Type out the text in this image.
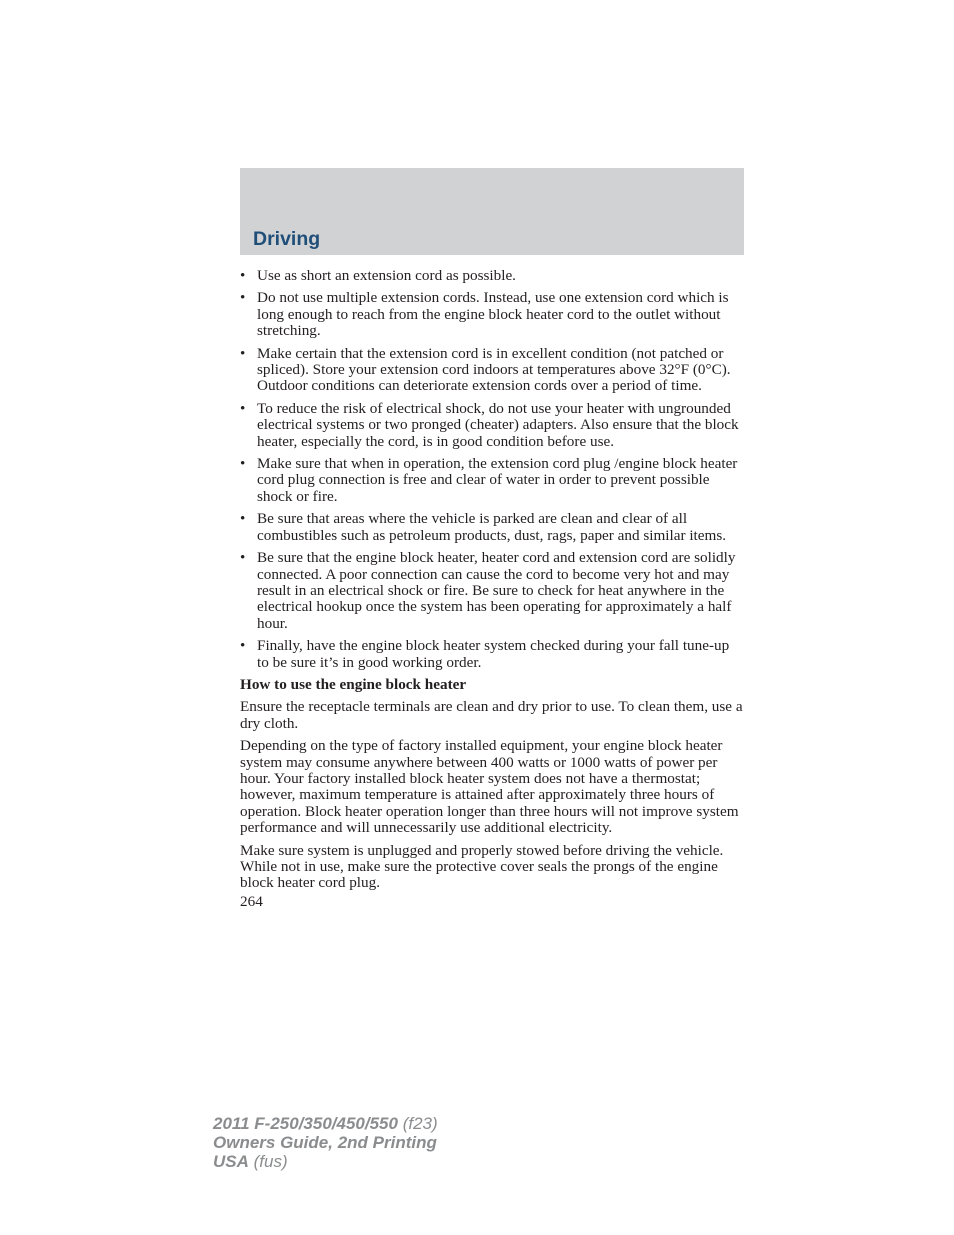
Driving
• Use as short an extension cord as possible.
• Do not use multiple extension cords. Instead, use one extension cord which is long enough to reach from the engine block heater cord to the outlet without stretching.
• Make certain that the extension cord is in excellent condition (not patched or spliced). Store your extension cord indoors at temperatures above 32°F (0°C). Outdoor conditions can deteriorate extension cords over a period of time.
• To reduce the risk of electrical shock, do not use your heater with ungrounded electrical systems or two pronged (cheater) adapters. Also ensure that the block heater, especially the cord, is in good condition before use.
• Make sure that when in operation, the extension cord plug /engine block heater cord plug connection is free and clear of water in order to prevent possible shock or fire.
• Be sure that areas where the vehicle is parked are clean and clear of all combustibles such as petroleum products, dust, rags, paper and similar items.
• Be sure that the engine block heater, heater cord and extension cord are solidly connected. A poor connection can cause the cord to become very hot and may result in an electrical shock or fire. Be sure to check for heat anywhere in the electrical hookup once the system has been operating for approximately a half hour.
• Finally, have the engine block heater system checked during your fall tune-up to be sure it’s in good working order.
How to use the engine block heater

Ensure the receptacle terminals are clean and dry prior to use. To clean them, use a dry cloth.

Depending on the type of factory installed equipment, your engine block heater system may consume anywhere between 400 watts or 1000 watts of power per hour. Your factory installed block heater system does not have a thermostat; however, maximum temperature is attained after approximately three hours of operation. Block heater operation longer than three hours will not improve system performance and will unnecessarily use additional electricity.

Make sure system is unplugged and properly stowed before driving the vehicle. While not in use, make sure the protective cover seals the prongs of the engine block heater cord plug.

264
2011 F-250/350/450/550 (f23)
Owners Guide, 2nd Printing
USA (fus)
